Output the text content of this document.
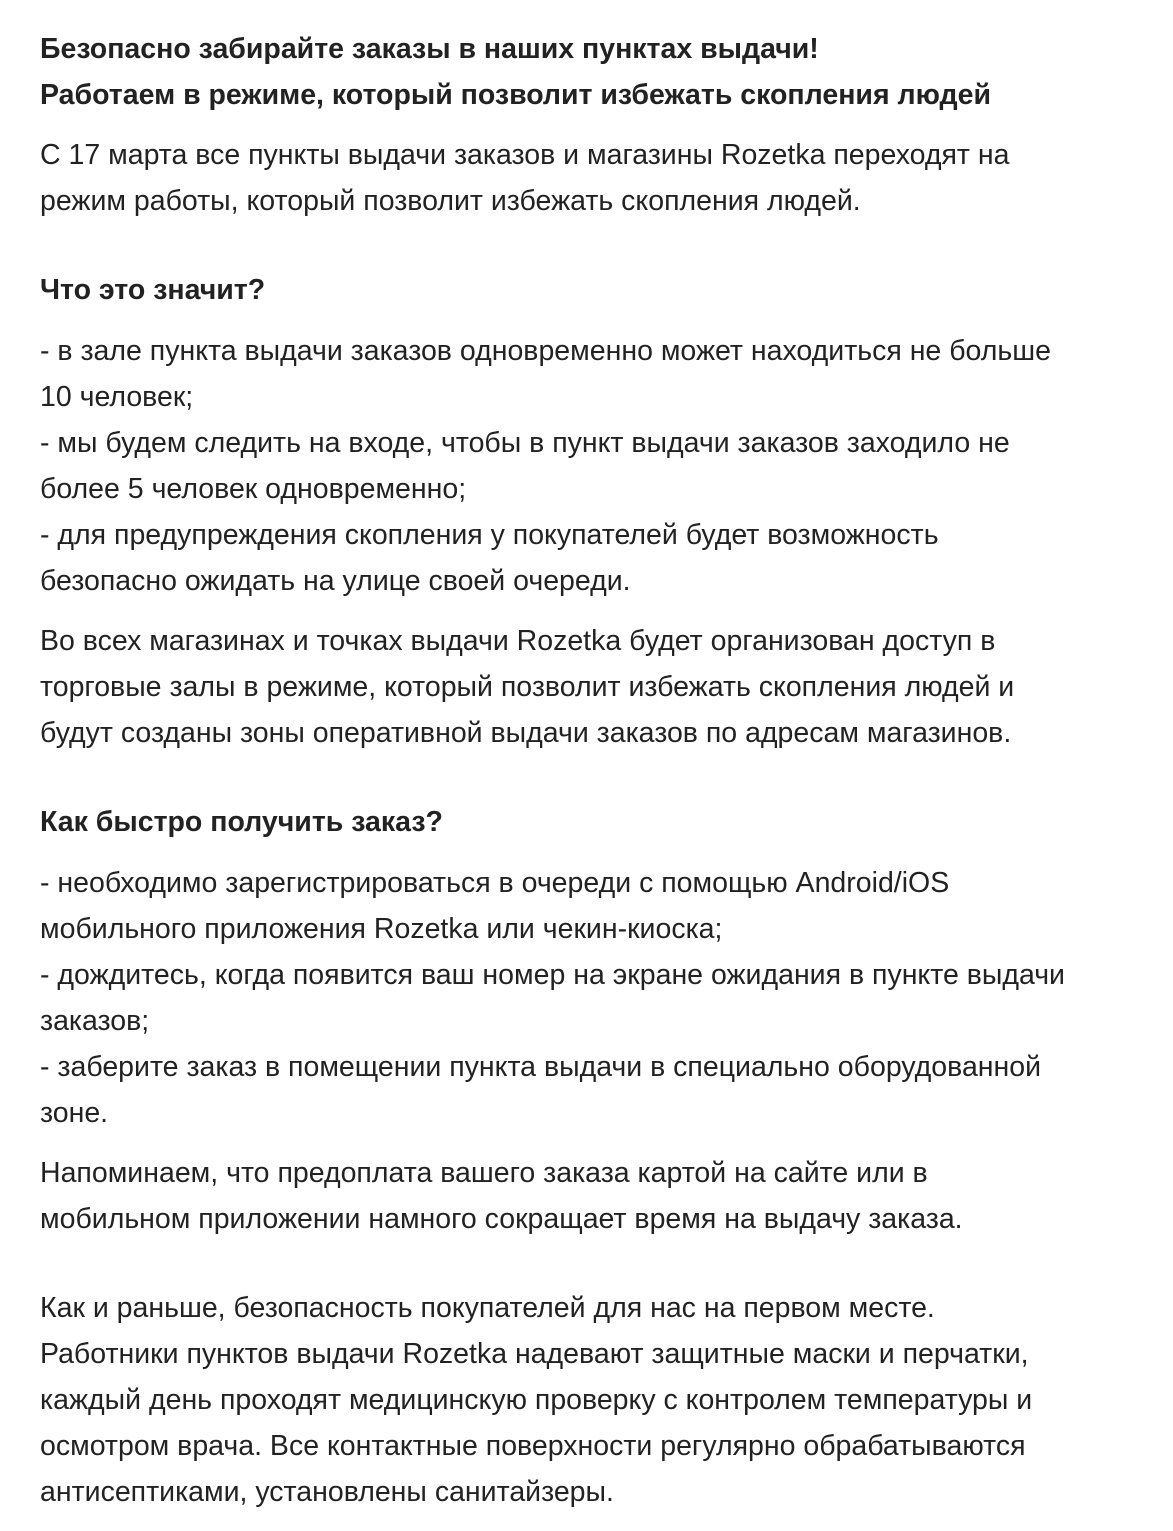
Безопасно забирайте заказы в наших пунктах выдачи!
Работаем в режиме, который позволит избежать скопления людей

С 17 марта все пункты выдачи заказов и магазины Rozetka переходят на
режим работы, который позволит избежать скопления людей.

Что это значит?

- в зале пункта выдачи заказов одновременно может находиться не больше
10 человек;
- мы будем следить на входе, чтобы в пункт выдачи заказов заходило не
более 5 человек одновременно;
- для предупреждения скопления у покупателей будет возможность
безопасно ожидать на улице своей очереди.

Во всех магазинах и точках выдачи Rozetka будет организован доступ в
торговые залы в режиме, который позволит избежать скопления людей и
будут созданы зоны оперативной выдачи заказов по адресам магазинов.

Как быстро получить заказ?

- необходимо зарегистрироваться в очереди с помощью Android/iOS
мобильного приложения Rozetka или чекин-киоска;
- дождитесь, когда появится ваш номер на экране ожидания в пункте выдачи
заказов;
- заберите заказ в помещении пункта выдачи в специально оборудованной
зоне.

Напоминаем, что предоплата вашего заказа картой на сайте или в
мобильном приложении намного сокращает время на выдачу заказа.

Как и раньше, безопасность покупателей для нас на первом месте.
Работники пунктов выдачи Rozetka надевают защитные маски и перчатки,
каждый день проходят медицинскую проверку с контролем температуры и
осмотром врача. Все контактные поверхности регулярно обрабатываются
антисептиками, установлены санитайзеры.
